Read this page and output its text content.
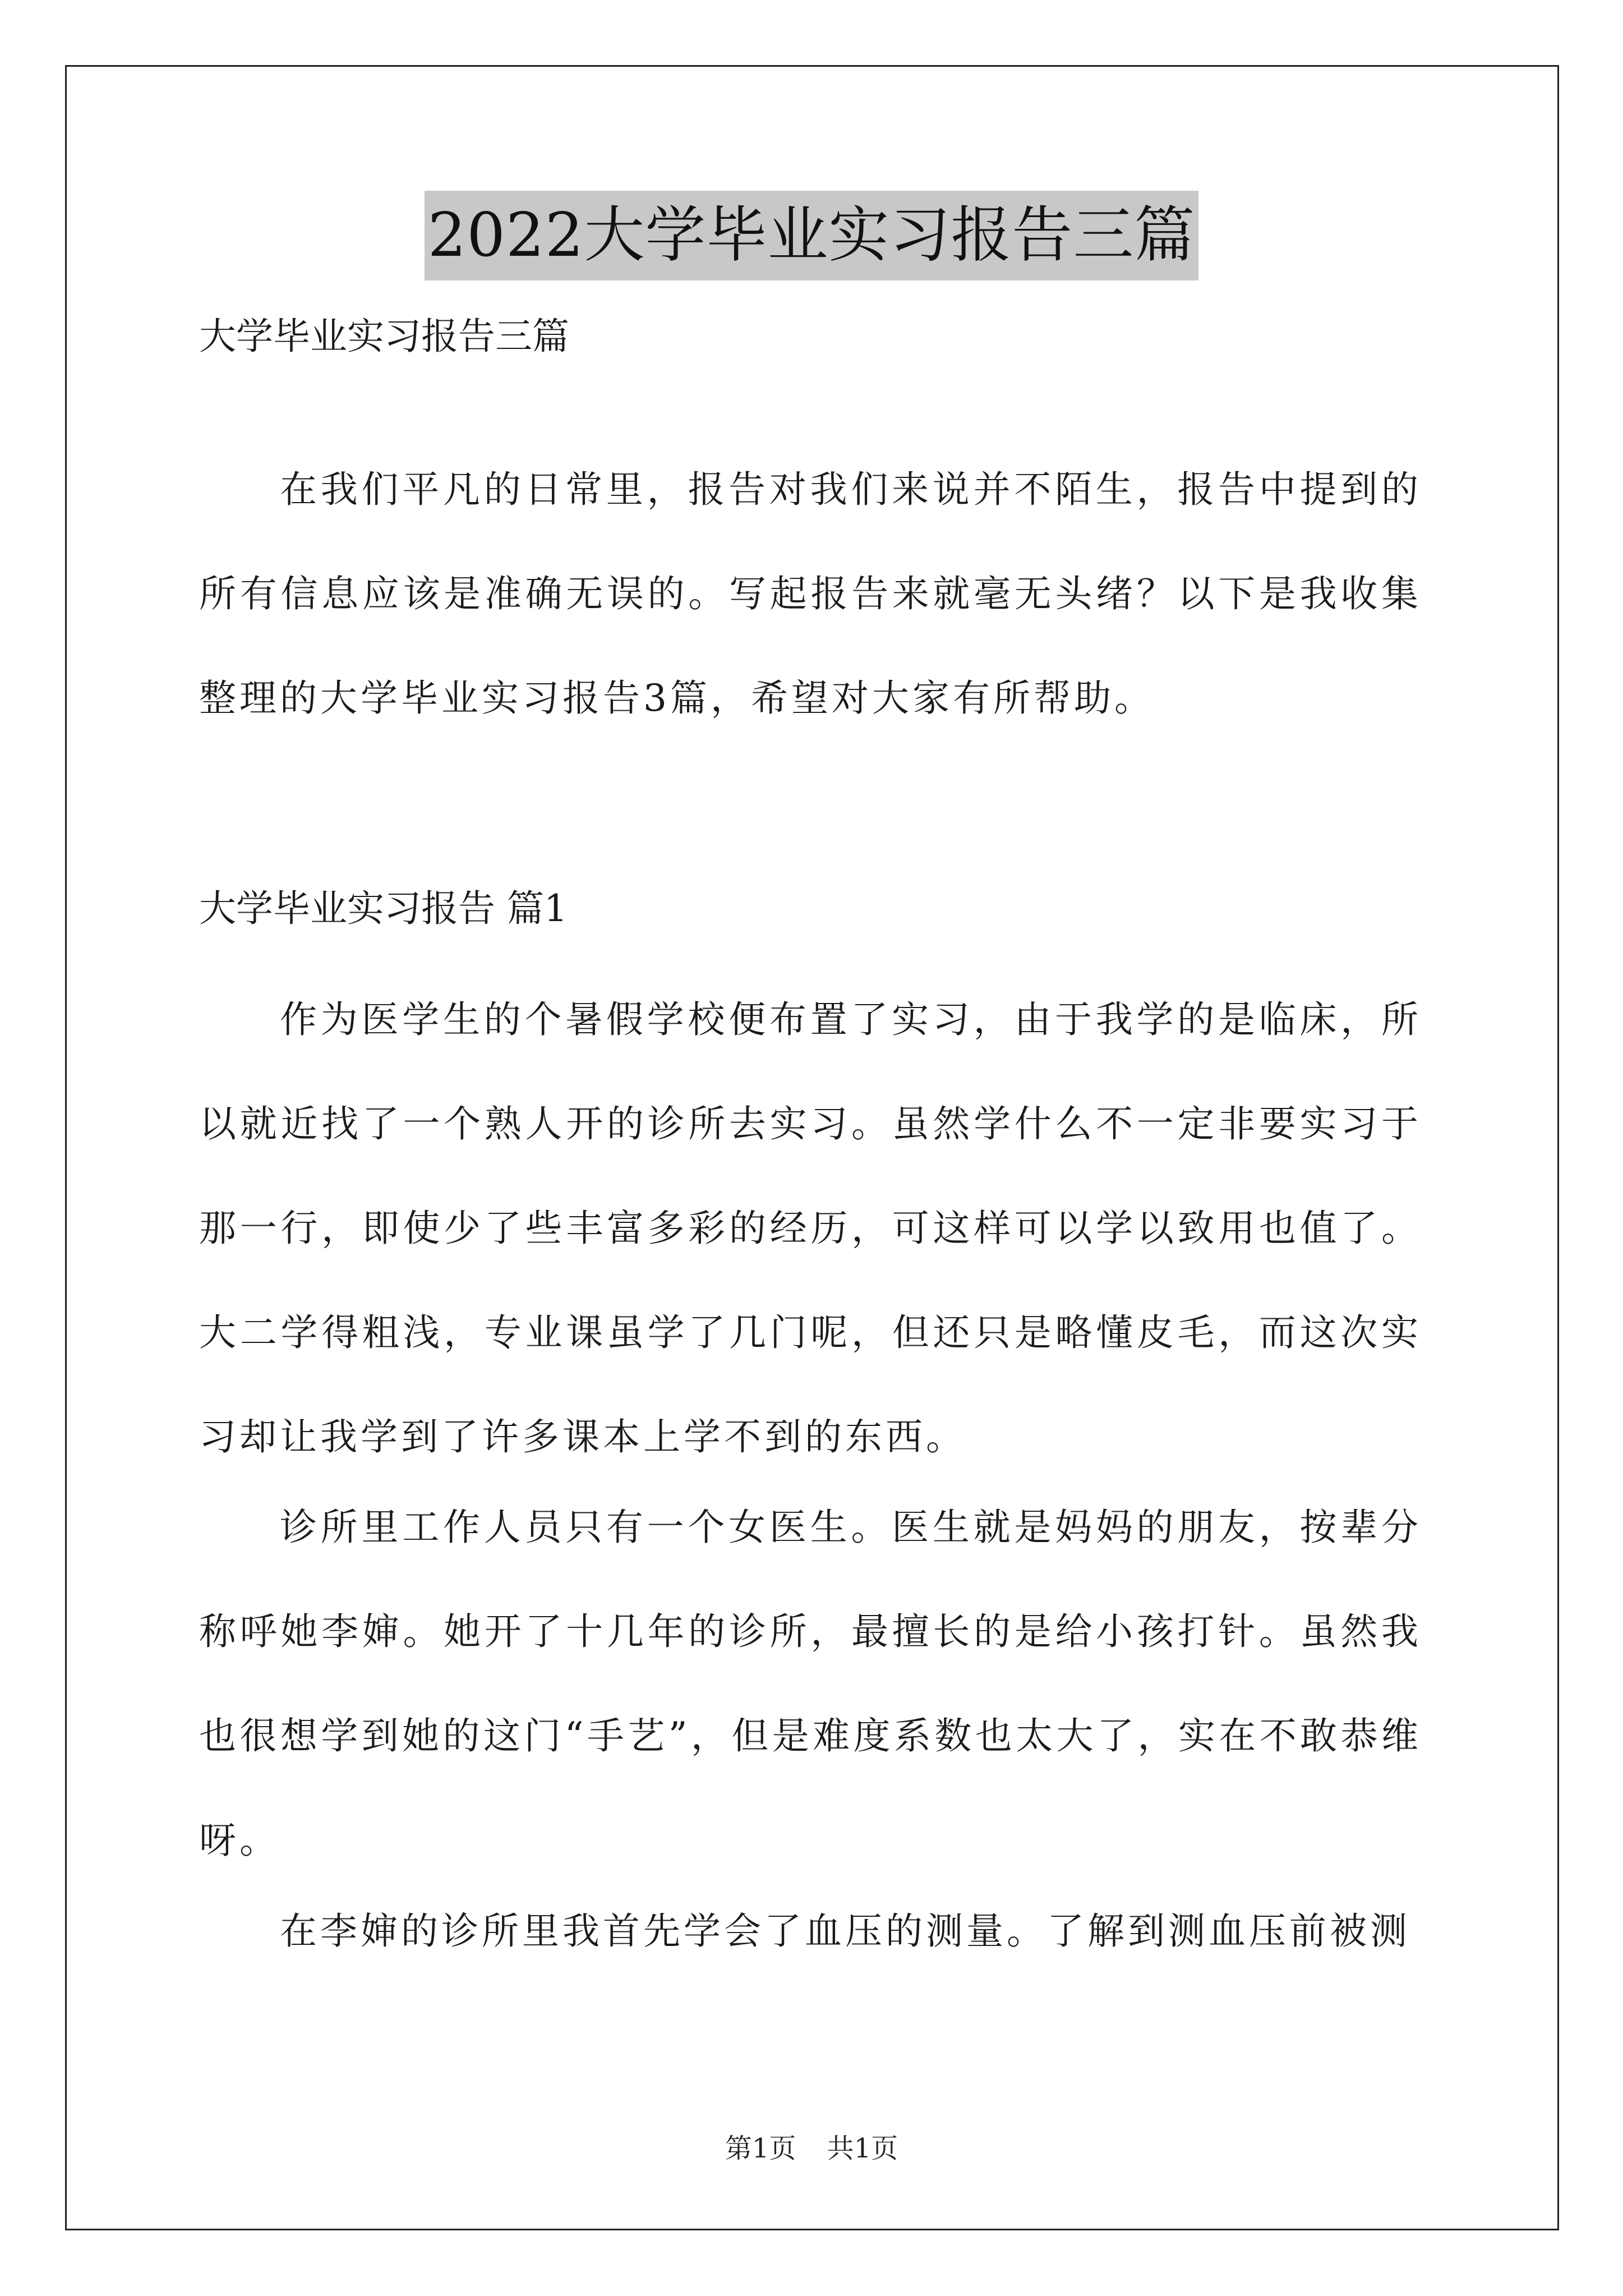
2022大学毕业实习报告三篇
大学毕业实习报告三篇

在我们平凡的日常里，报告对我们来说并不陌生，报告中提到的所有信息应该是准确无误的。写起报告来就毫无头绪？以下是我收集整理的大学毕业实习报告3篇，希望对大家有所帮助。

大学毕业实习报告 篇1

作为医学生的个暑假学校便布置了实习，由于我学的是临床，所以就近找了一个熟人开的诊所去实习。虽然学什么不一定非要实习于那一行，即使少了些丰富多彩的经历，可这样可以学以致用也值了。大二学得粗浅，专业课虽学了几门呢，但还只是略懂皮毛，而这次实习却让我学到了许多课本上学不到的东西。

诊所里工作人员只有一个女医生。医生就是妈妈的朋友，按辈分称呼她李婶。她开了十几年的诊所，最擅长的是给小孩打针。虽然我也很想学到她的这门“手艺”，但是难度系数也太大了，实在不敢恭维呀。

在李婶的诊所里我首先学会了血压的测量。了解到测血压前被测

第1页 共1页
